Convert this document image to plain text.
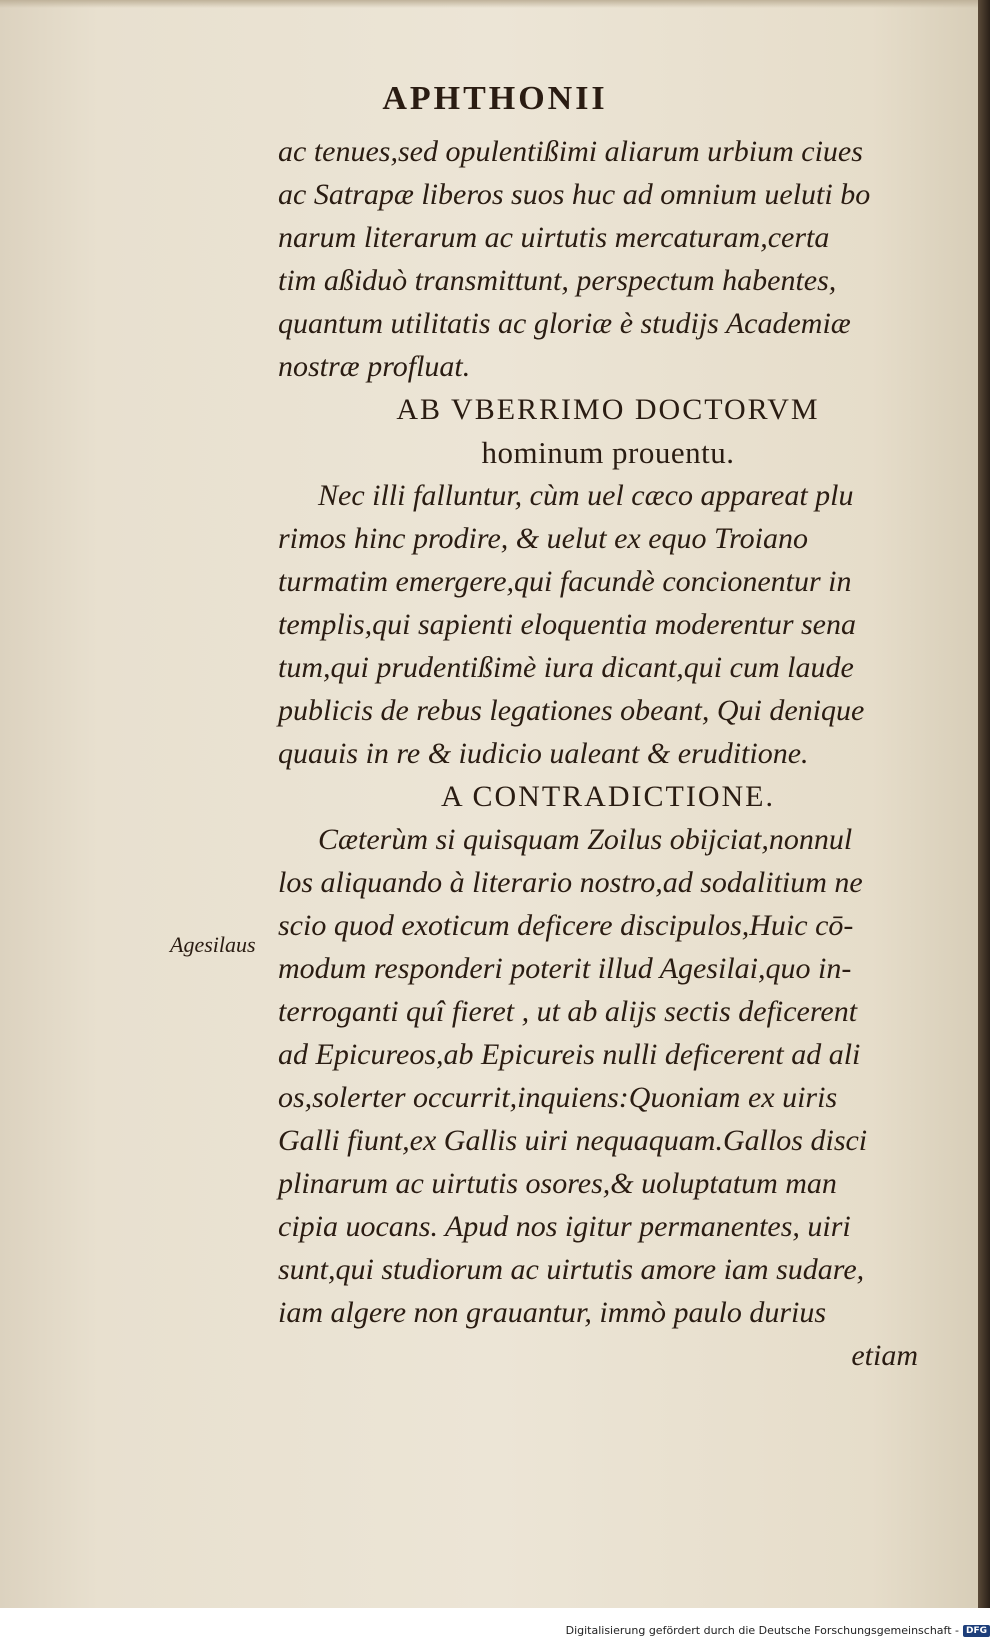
APHTHONII
ac tenues,sed opulentißimi aliarum urbium ciues
ac Satrapæ liberos suos huc ad omnium ueluti bo
narum literarum ac uirtutis mercaturam,certa
tim aßiduò transmittunt, perspectum habentes,
quantum utilitatis ac gloriæ è studijs Academiæ
nostræ profluat.
AB VBERRIMO DOCTORVM
hominum prouentu.
Nec illi falluntur, cùm uel cæco appareat plu
rimos hinc prodire, & uelut ex equo Troiano
turmatim emergere,qui facundè concionentur in
templis,qui sapienti eloquentia moderentur sena
tum,qui prudentißimè iura dicant,qui cum laude
publicis de rebus legationes obeant, Qui denique
quauis in re & iudicio ualeant & eruditione.
A CONTRADICTIONE.
Cæterùm si quisquam Zoilus obijciat,nonnul
los aliquando à literario nostro,ad sodalitium ne
scio quod exoticum deficere discipulos,Huic cō-
modum responderi poterit illud Agesilai,quo in-
terroganti quî fieret , ut ab alijs sectis deficerent
ad Epicureos,ab Epicureis nulli deficerent ad ali
os,solerter occurrit,inquiens:Quoniam ex uiris
Galli fiunt,ex Gallis uiri nequaquam.Gallos disci
plinarum ac uirtutis osores,& uoluptatum man
cipia uocans. Apud nos igitur permanentes, uiri
sunt,qui studiorum ac uirtutis amore iam sudare,
iam algere non grauantur, immò paulo durius
etiam
Agesilaus
Digitalisierung gefördert durch die Deutsche Forschungsgemeinschaft - DFG
